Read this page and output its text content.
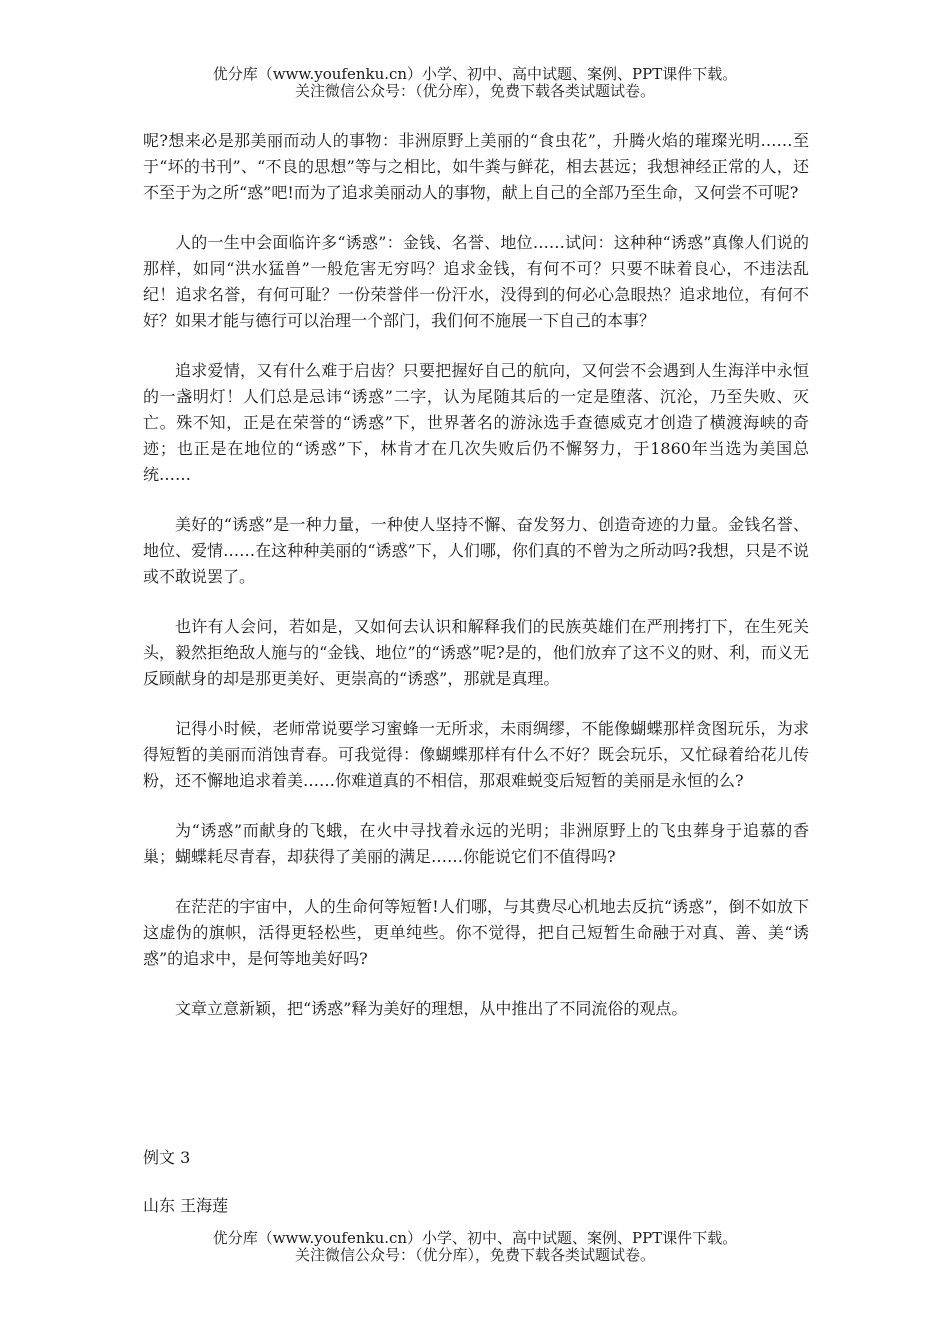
优分库（www.youfenku.cn）小学、初中、高中试题、案例、PPT课件下载。
关注微信公众号：（优分库），免费下载各类试题试卷。

呢?想来必是那美丽而动人的事物：非洲原野上美丽的“食虫花”，升腾火焰的璀璨光明……至于“坏的书刊”、“不良的思想”等与之相比，如牛粪与鲜花，相去甚远；我想神经正常的人，还不至于为之所“惑”吧!而为了追求美丽动人的事物，献上自己的全部乃至生命，又何尝不可呢?

人的一生中会面临许多“诱惑”：金钱、名誉、地位……试问：这种种“诱惑”真像人们说的那样，如同“洪水猛兽”一般危害无穷吗？追求金钱，有何不可？只要不昧着良心，不违法乱纪！追求名誉，有何可耻？一份荣誉伴一份汗水，没得到的何必心急眼热？追求地位，有何不好？如果才能与德行可以治理一个部门，我们何不施展一下自己的本事？

追求爱情，又有什么难于启齿？只要把握好自己的航向，又何尝不会遇到人生海洋中永恒的一盏明灯！人们总是忌讳“诱惑”二字，认为尾随其后的一定是堕落、沉沦，乃至失败、灭亡。殊不知，正是在荣誉的“诱惑”下，世界著名的游泳选手查德威克才创造了横渡海峡的奇迹；也正是在地位的“诱惑”下，林肯才在几次失败后仍不懈努力，于1860年当选为美国总统……

美好的“诱惑”是一种力量，一种使人坚持不懈、奋发努力、创造奇迹的力量。金钱名誉、地位、爱情……在这种种美丽的“诱惑”下，人们哪，你们真的不曾为之所动吗?我想，只是不说或不敢说罢了。

也许有人会问，若如是，又如何去认识和解释我们的民族英雄们在严刑拷打下，在生死关头，毅然拒绝敌人施与的“金钱、地位”的“诱惑”呢?是的，他们放弃了这不义的财、利，而义无反顾献身的却是那更美好、更崇高的“诱惑”，那就是真理。

记得小时候，老师常说要学习蜜蜂一无所求，未雨绸缪，不能像蝴蝶那样贪图玩乐，为求得短暂的美丽而消蚀青春。可我觉得：像蝴蝶那样有什么不好？既会玩乐，又忙碌着给花儿传粉，还不懈地追求着美……你难道真的不相信，那艰难蜕变后短暂的美丽是永恒的么?

为“诱惑”而献身的飞蛾，在火中寻找着永远的光明；非洲原野上的飞虫葬身于追慕的香巢；蝴蝶耗尽青春，却获得了美丽的满足……你能说它们不值得吗?

在茫茫的宇宙中，人的生命何等短暂!人们哪，与其费尽心机地去反抗“诱惑”，倒不如放下这虚伪的旗帜，活得更轻松些，更单纯些。你不觉得，把自己短暂生命融于对真、善、美“诱惑”的追求中，是何等地美好吗?

文章立意新颖，把“诱惑”释为美好的理想，从中推出了不同流俗的观点。

例文 3
山东 王海莲
优分库（www.youfenku.cn）小学、初中、高中试题、案例、PPT课件下载。
关注微信公众号：（优分库），免费下载各类试题试卷。
